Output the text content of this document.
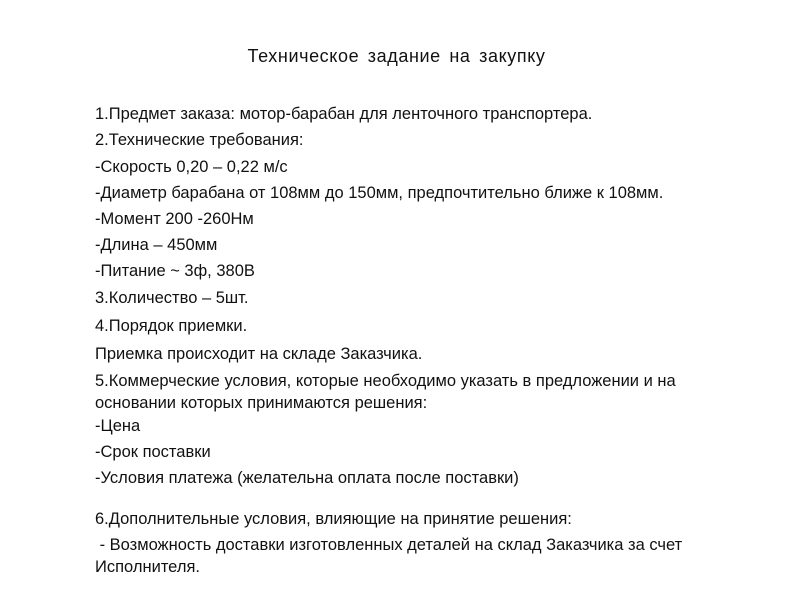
Техническое задание на закупку
1.Предмет заказа: мотор-барабан для ленточного транспортера.
2.Технические требования:
-Скорость 0,20 – 0,22 м/с
-Диаметр барабана от 108мм до 150мм, предпочтительно ближе к 108мм.
-Момент 200 -260Нм
-Длина – 450мм
-Питание ~ 3ф, 380В
3.Количество – 5шт.
4.Порядок приемки.
Приемка происходит на складе Заказчика.
5.Коммерческие условия, которые необходимо указать в предложении и на
основании которых принимаются решения:
-Цена
-Срок поставки
-Условия платежа (желательна оплата после поставки)
6.Дополнительные условия, влияющие на принятие решения:
- Возможность доставки изготовленных деталей на склад Заказчика за счет
Исполнителя.
